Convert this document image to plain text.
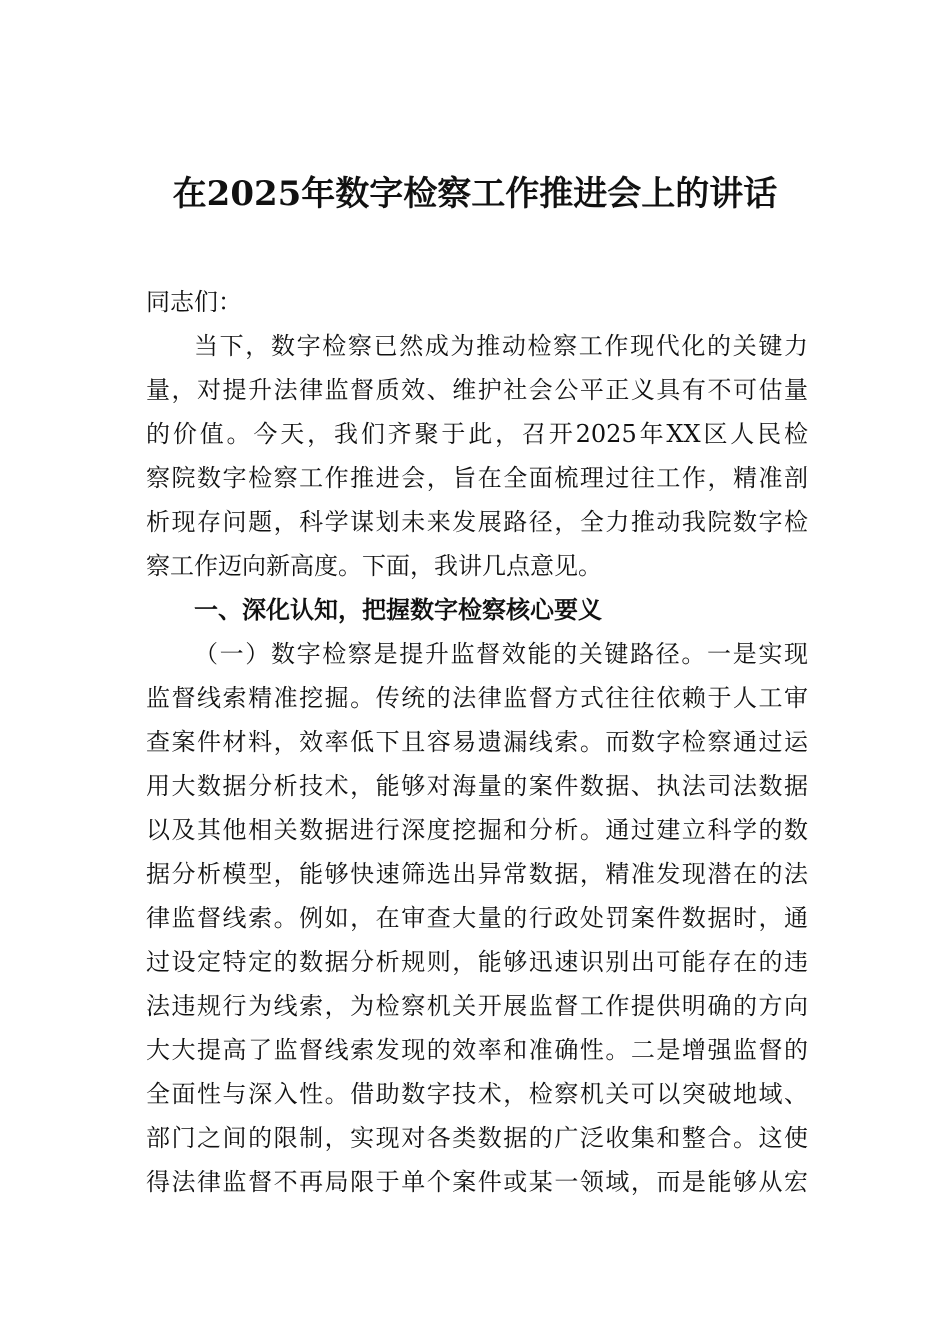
在2025年数字检察工作推进会上的讲话
同志们：
当下，数字检察已然成为推动检察工作现代化的关键力
量，对提升法律监督质效、维护社会公平正义具有不可估量
的价值。今天，我们齐聚于此，召开2025年XX区人民检
察院数字检察工作推进会，旨在全面梳理过往工作，精准剖
析现存问题，科学谋划未来发展路径，全力推动我院数字检
察工作迈向新高度。下面，我讲几点意见。
一、深化认知，把握数字检察核心要义
（一）数字检察是提升监督效能的关键路径。一是实现
监督线索精准挖掘。传统的法律监督方式往往依赖于人工审
查案件材料，效率低下且容易遗漏线索。而数字检察通过运
用大数据分析技术，能够对海量的案件数据、执法司法数据
以及其他相关数据进行深度挖掘和分析。通过建立科学的数
据分析模型，能够快速筛选出异常数据，精准发现潜在的法
律监督线索。例如，在审查大量的行政处罚案件数据时，通
过设定特定的数据分析规则，能够迅速识别出可能存在的违
法违规行为线索，为检察机关开展监督工作提供明确的方向
大大提高了监督线索发现的效率和准确性。二是增强监督的
全面性与深入性。借助数字技术，检察机关可以突破地域、
部门之间的限制，实现对各类数据的广泛收集和整合。这使
得法律监督不再局限于单个案件或某一领域，而是能够从宏
